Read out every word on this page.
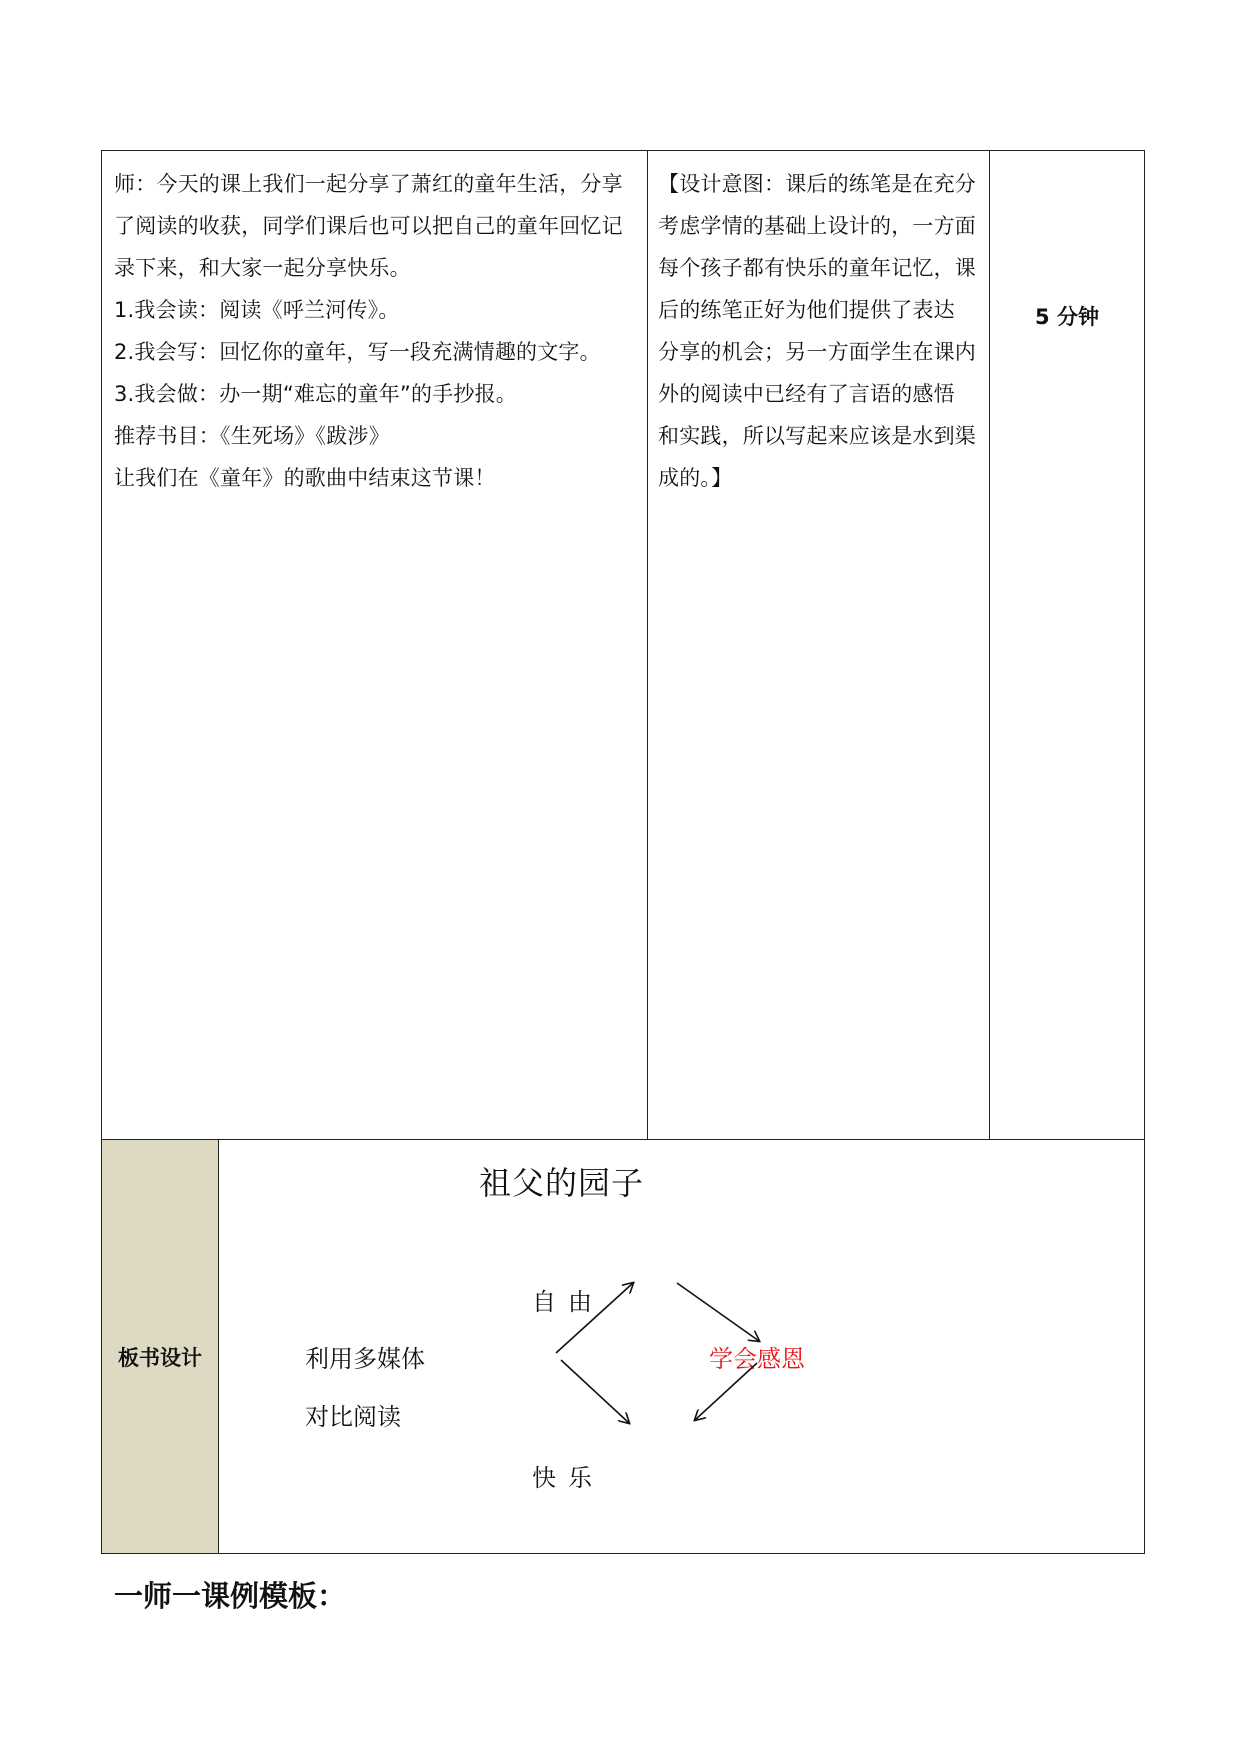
师：今天的课上我们一起分享了萧红的童年生活，分享

了阅读的收获，同学们课后也可以把自己的童年回忆记

录下来，和大家一起分享快乐。

1.我会读：阅读《呼兰河传》。

2.我会写：回忆你的童年，写一段充满情趣的文字。

3.我会做：办一期“难忘的童年”的手抄报。

推荐书目：《生死场》《跋涉》

让我们在《童年》的歌曲中结束这节课！

【设计意图：课后的练笔是在充分

考虑学情的基础上设计的，一方面

每个孩子都有快乐的童年记忆，课

后的练笔正好为他们提供了表达

分享的机会；另一方面学生在课内

外的阅读中已经有了言语的感悟

和实践，所以写起来应该是水到渠

成的。】

5 分钟
板书设计
祖父的园子
自由
快乐
利用多媒体
对比阅读
学会感恩
一师一课例模板：
